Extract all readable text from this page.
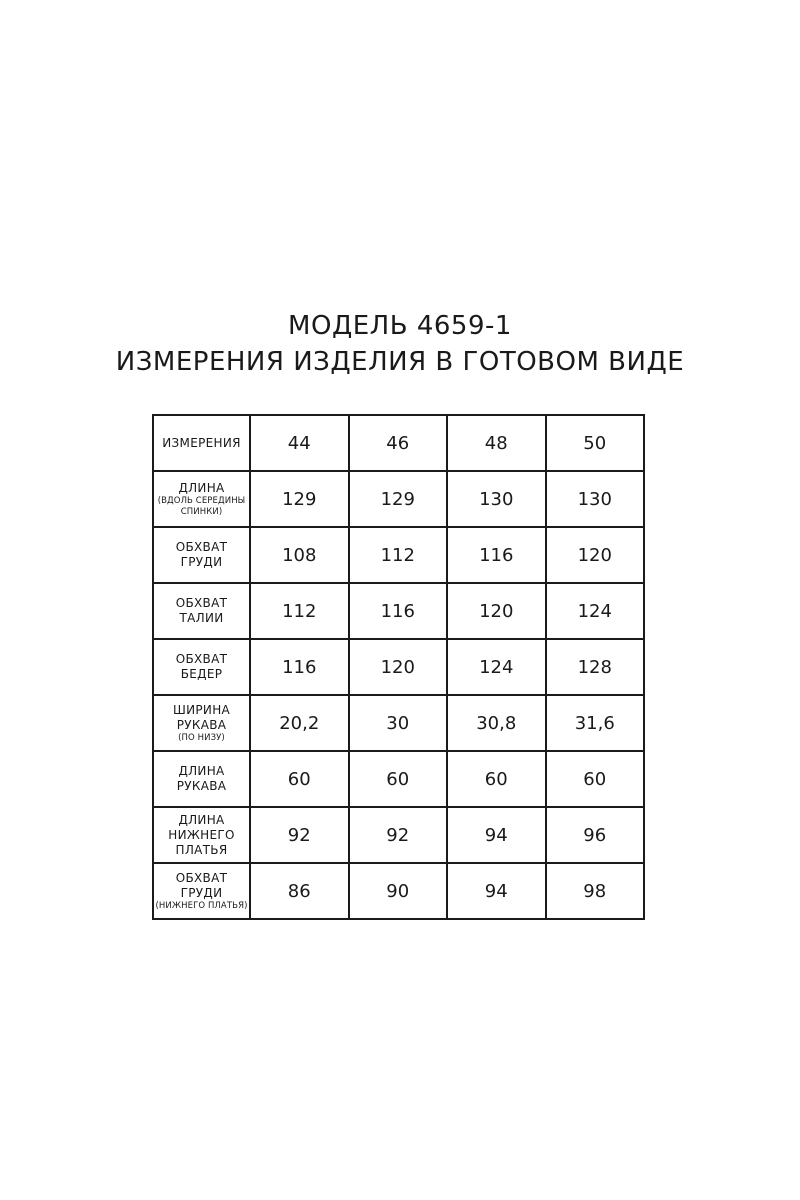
МОДЕЛЬ 4659-1
ИЗМЕРЕНИЯ ИЗДЕЛИЯ В ГОТОВОМ ВИДЕ
ИЗМЕРЕНИЯ	44	46	48	50

ДЛИНА
(ВДОЛЬ СЕРЕДИНЫ
СПИНКИ)	129	129	130	130

ОБХВАТ
ГРУДИ	108	112	116	120

ОБХВАТ
ТАЛИИ	112	116	120	124

ОБХВАТ
БЕДЕР	116	120	124	128

ШИРИНА
РУКАВА
(ПО НИЗУ)	20,2	30	30,8	31,6

ДЛИНА
РУКАВА	60	60	60	60

ДЛИНА
НИЖНЕГО
ПЛАТЬЯ	92	92	94	96

ОБХВАТ
ГРУДИ
(НИЖНЕГО ПЛАТЬЯ)	86	90	94	98
